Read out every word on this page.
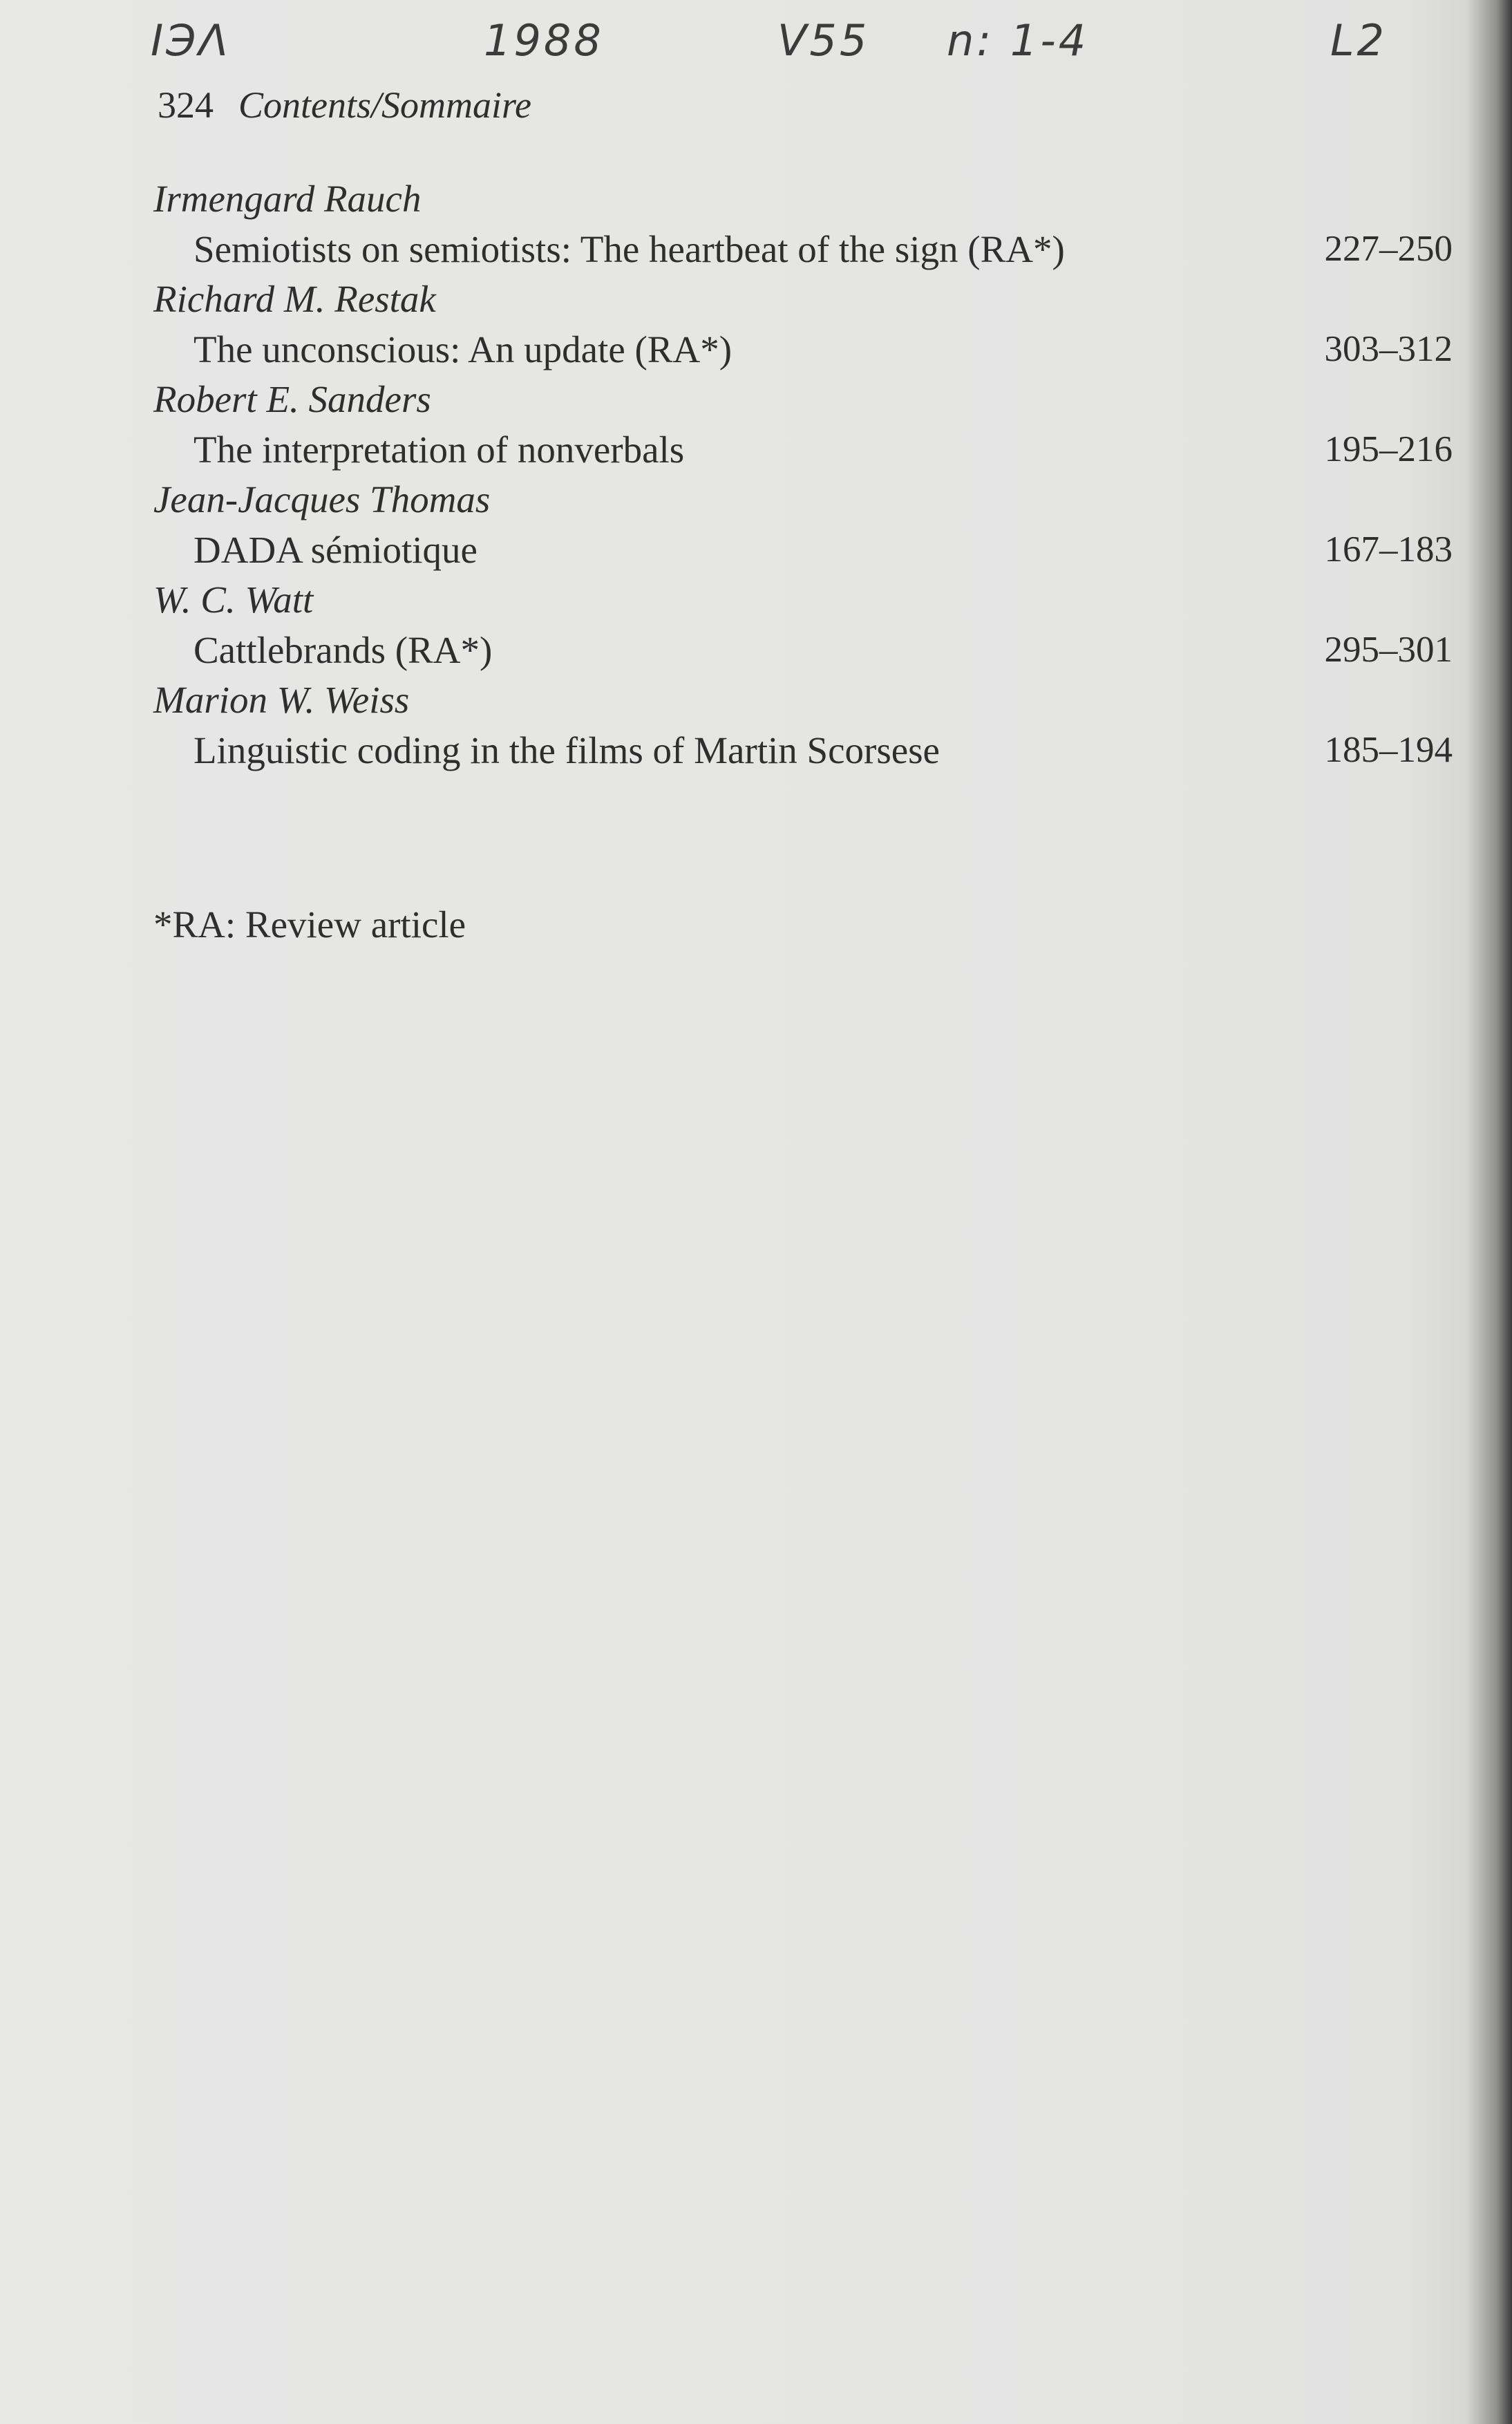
ΙЭΛ	1988	V55 n: 1-4	L2
324 Contents/Sommaire
Irmengard Rauch
Semiotists on semiotists: The heartbeat of the sign (RA*)	227–250
Richard M. Restak
The unconscious: An update (RA*)	303–312
Robert E. Sanders
The interpretation of nonverbals	195–216
Jean-Jacques Thomas
DADA sémiotique	167–183
W. C. Watt
Cattlebrands (RA*)	295–301
Marion W. Weiss
Linguistic coding in the films of Martin Scorsese	185–194
*RA: Review article
